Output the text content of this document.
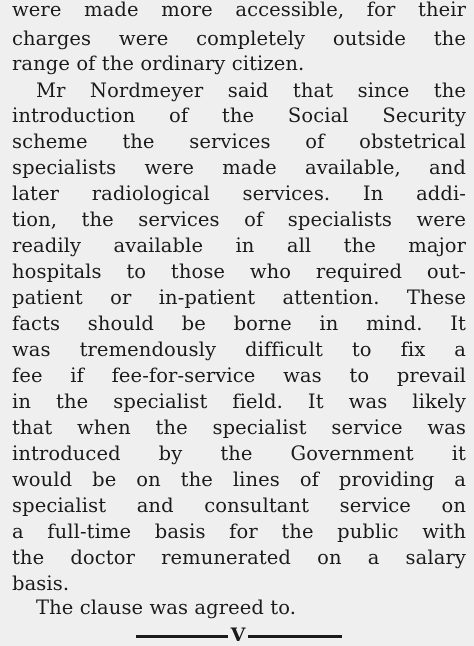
were made more accessible, for their
charges were completely outside the
range of the ordinary citizen.
Mr Nordmeyer said that since the
introduction of the Social Security
scheme the services of obstetrical
specialists were made available, and
later radiological services. In addi-
tion, the services of specialists were
readily available in all the major
hospitals to those who required out-
patient or in-patient attention. These
facts should be borne in mind. It
was tremendously difficult to fix a
fee if fee-for-service was to prevail
in the specialist field. It was likely
that when the specialist service was
introduced by the Government it
would be on the lines of providing a
specialist and consultant service on
a full-time basis for the public with
the doctor remunerated on a salary
basis.
The clause was agreed to.
V
